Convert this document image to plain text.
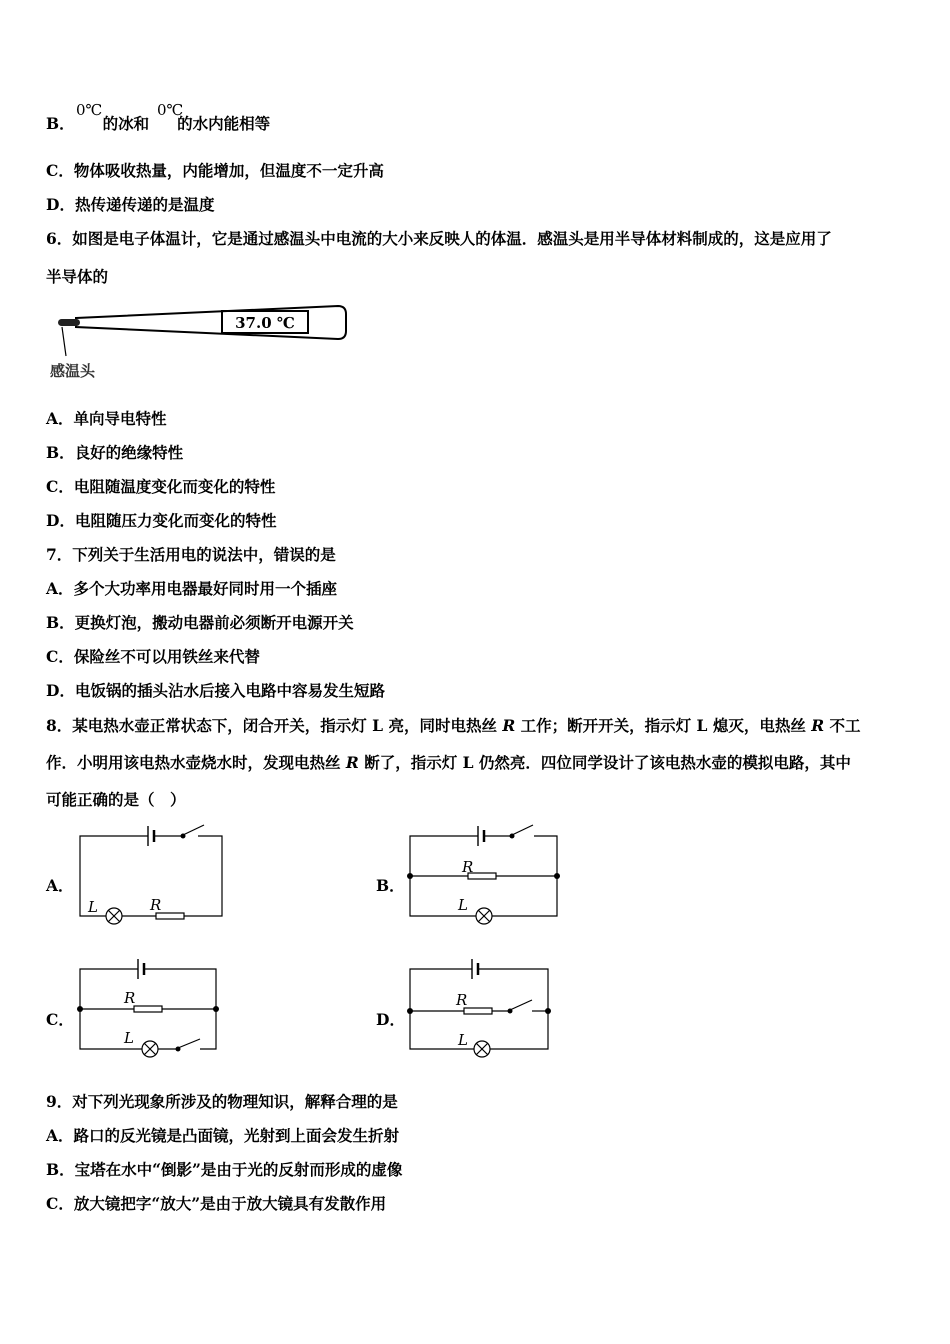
B． 的冰和 的水内能相等
0℃	0℃
C．物体吸收热量，内能增加，但温度不一定升高
D．热传递传递的是温度
6．如图是电子体温计，它是通过感温头中电流的大小来反映人的体温．感温头是用半导体材料制成的，这是应用了
半导体的
37.0 ℃
感温头
A．单向导电特性
B．良好的绝缘特性
C．电阻随温度变化而变化的特性
D．电阻随压力变化而变化的特性
7．下列关于生活用电的说法中，错误的是
A．多个大功率用电器最好同时用一个插座
B．更换灯泡，搬动电器前必须断开电源开关
C．保险丝不可以用铁丝来代替
D．电饭锅的插头沾水后接入电路中容易发生短路
8．某电热水壶正常状态下，闭合开关，指示灯 L 亮，同时电热丝 R 工作；断开开关，指示灯 L 熄灭，电热丝 R 不工
作．小明用该电热水壶烧水时，发现电热丝 R 断了，指示灯 L 仍然亮．四位同学设计了该电热水壶的模拟电路，其中
可能正确的是（　）
A．
L	R
B．
R
L
C．
R
L
D．
R
L
9．对下列光现象所涉及的物理知识，解释合理的是
A．路口的反光镜是凸面镜，光射到上面会发生折射
B．宝塔在水中“倒影”是由于光的反射而形成的虚像
C．放大镜把字“放大”是由于放大镜具有发散作用
